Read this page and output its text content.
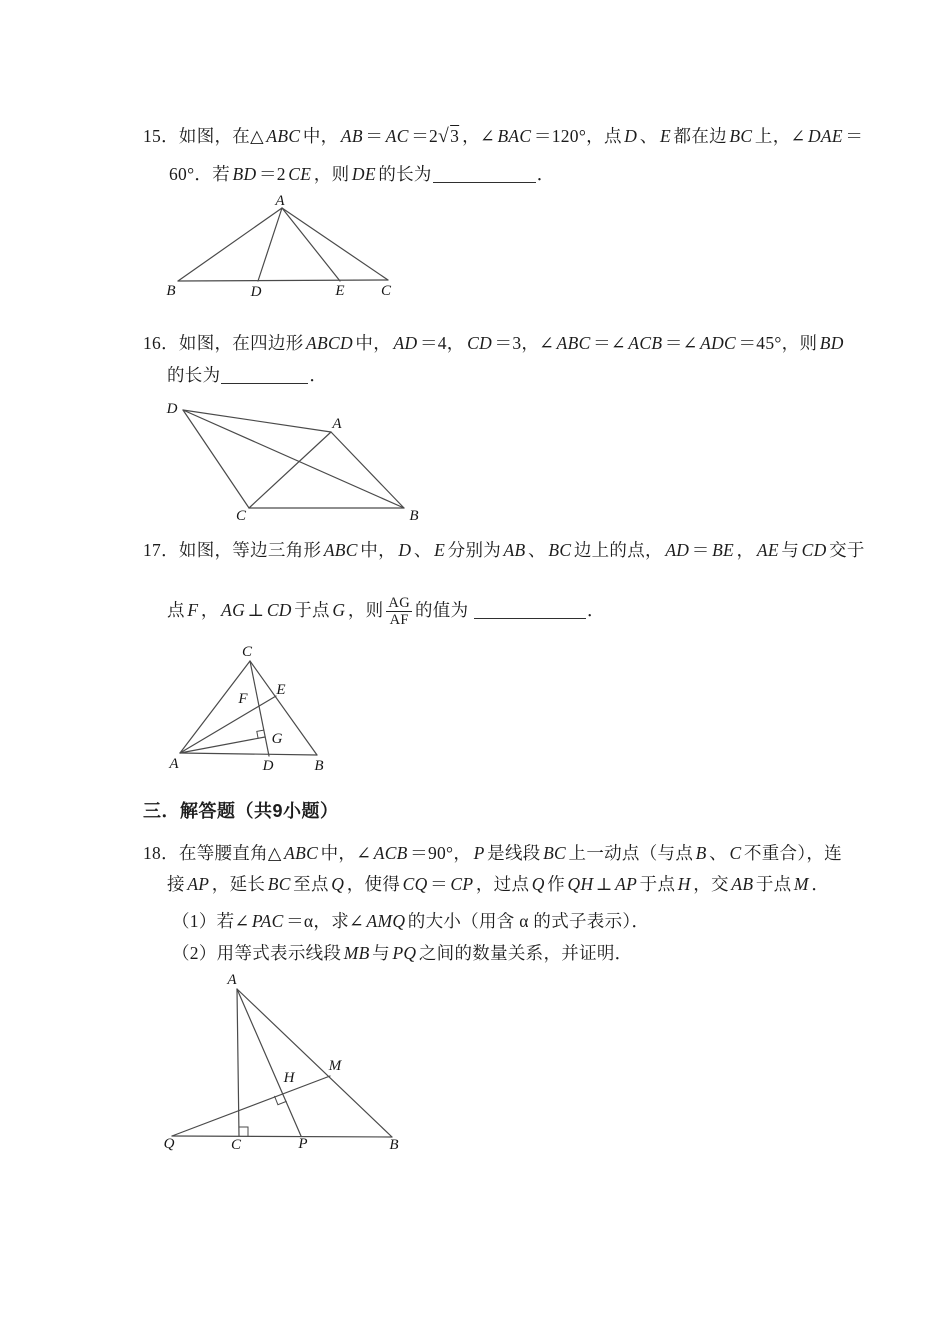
15．如图，在△ ABC 中， AB ＝ AC ＝2√3 ，∠ BAC ＝120°，点 D 、 E 都在边 BC 上，∠ DAE ＝
60°．若 BD ＝2 CE ，则 DE 的长为	．
A
B	D	E C
16．如图，在四边形 ABCD 中， AD ＝4， CD ＝3，∠ ABC ＝∠ ACB ＝∠ ADC ＝45°，则 BD
的长为	．
D
A
C	B
17．如图，等边三角形 ABC 中， D 、 E 分别为 AB 、 BC 边上的点， AD ＝ BE ， AE 与 CD 交于
点 F ， AG ⊥ CD 于点 G ，则 $\frac{AG}{AF}$ 的值为	．
C
E
F
G
A	D	B
三．解答题（共9小题）
18．在等腰直角△ ABC 中，∠ ACB ＝90°， P 是线段 BC 上一动点（与点 B 、 C 不重合），连
接 AP ，延长 BC 至点 Q ，使得 CQ ＝ CP ，过点 Q 作 QH ⊥ AP 于点 H ，交 AB 于点 M ．
（1）若∠ PAC ＝α，求∠ AMQ 的大小（用含 α 的式子表示）．
（2）用等式表示线段 MB 与 PQ 之间的数量关系，并证明．
A
M
H
Q	C	P	B
